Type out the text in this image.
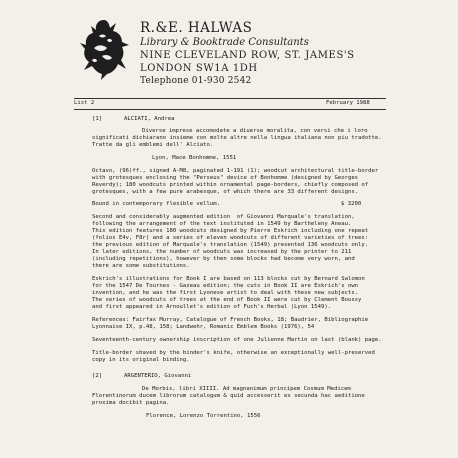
R.&E. HALWAS
Library & Booktrade Consultants
NINE CLEVELAND ROW, ST. JAMES'S
LONDON SW1A 1DH
Telephone 01-930 2542
List 2	February 1988
[1]	ALCIATI, Andrea
Diverse imprese accomodate a diuerse moralita, con versi che i loro
significati dichiarano insieme con molte altre nella lingua italiana non piu tradotte.
Tratte da gli emblemi dell' Alciato.
Lyon, Mace Bonhomme, 1551
Octavo, (96)ff., signed A-M8, paginated 1-191 (1); woodcut architectural title-border
with grotesques enclosing the "Perseus" device of Bonhomme (designed by Georges
Reverdy); 180 woodcuts printed within ornamental page-borders, chiefly composed of
grotesques, with a few pure arabesque, of which there are 33 different designs.
Bound in contemporary flexible vellum.	$ 3200
Second and considerably augmented edition  of Giovanni Marquale's translation,
following the arrangement of the text instituted in 1549 by Bartheleny Aneau.
This edition features 180 woodcuts designed by Pierre Eskrich including one repeat
(folios E4v, F8r) and a series of eleven woodcuts of different varieties of trees:
the previous edition of Marquale's translation (1549) presented 136 woodcuts only.
In later editions, the number of woodcuts was increased by the printer to 211
(including repetitions), however by then some blocks had become very worn, and
there are some substitutions.
Eskrich's illustrations for Book I are based on 113 blocks cut by Bernard Salomon
for the 1547 De Tournes - Gazeau edition; the cuts in Book II are Eskrich's own
invention, and he was the first Lyonese artist to deal with these new subjects.
The series of woodcuts of trees at the end of Book II were cut by Clement Boussy
and first appeared in Arnoullet's edition of Fuch's Herbal (Lyon 1549).
References: Fairfax Murray, Catalogue of French Books, 18; Baudrier, Bibliographie
Lyonnaise IX, p.48, 158; Landwehr, Romanic Emblem Books (1976), 54
Seventeenth-century ownership inscription of one Julienne Martin on last (blank) page.
Title-border shaved by the binder's knife, otherwise an exceptionally well-preserved
copy in its original binding.
[2]	ARGENTERIO, Giovanni
De Morbis, libri XIIII. Ad magnanimum principem Cosmum Medicem
Florentinorum ducem librorum catalogum & quid accesserit ex secunda hac aeditione
proxima docibit pagina.
Florence, Lorenzo Torrentino, 1556
